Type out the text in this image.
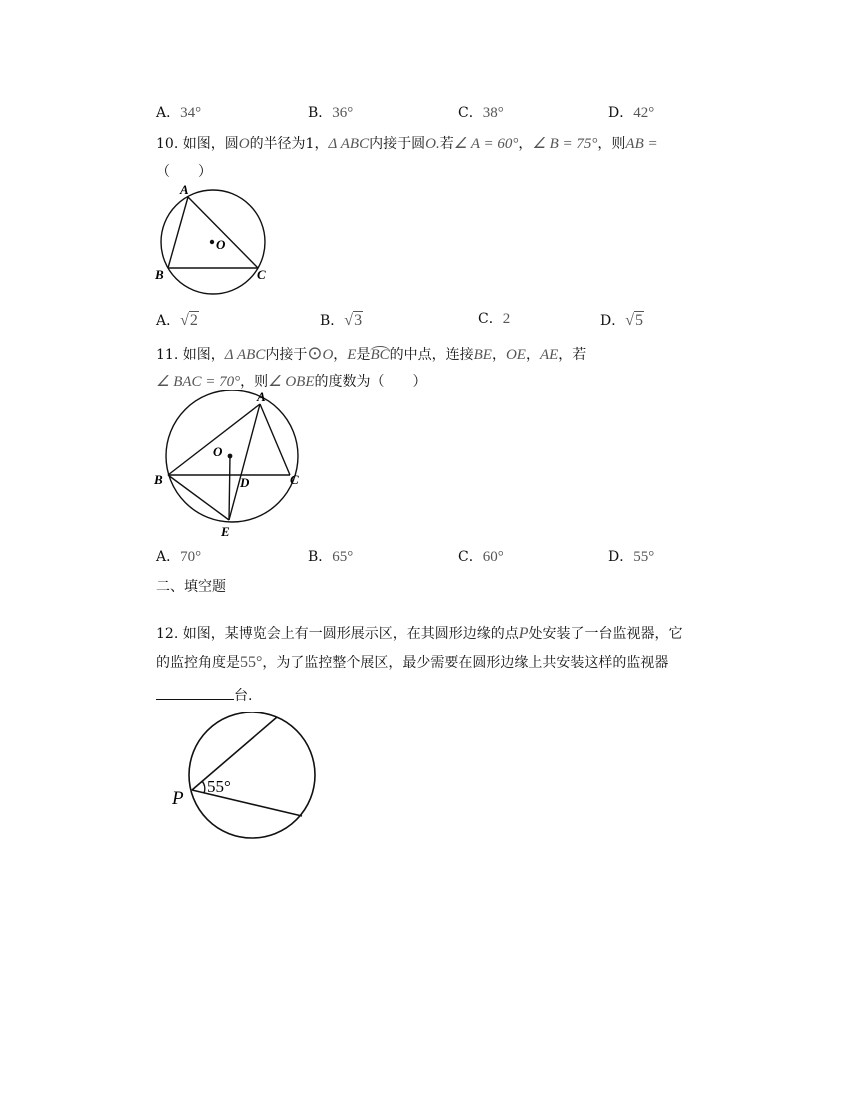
A．34°	B．36°	C．38°	D．42°
10. 如图，圆O的半径为1，Δ ABC内接于圆O.若∠ A = 60°，∠ B = 75°，则AB =
（　　）
A
O
B	C
A．√2	B．√3	C．2	D．√5
11. 如图，Δ ABC内接于⊙O，E是BC的中点，连接BE，OE，AE，若
∠ BAC = 70°，则∠ OBE的度数为（　　）
A
O
B	C
D
E
A．70°	B．65°	C．60°	D．55°
二、填空题
12. 如图，某博览会上有一圆形展示区，在其圆形边缘的点P处安装了一台监视器，它
的监控角度是55°，为了监控整个展区，最少需要在圆形边缘上共安装这样的监视器
台.
55°
P
